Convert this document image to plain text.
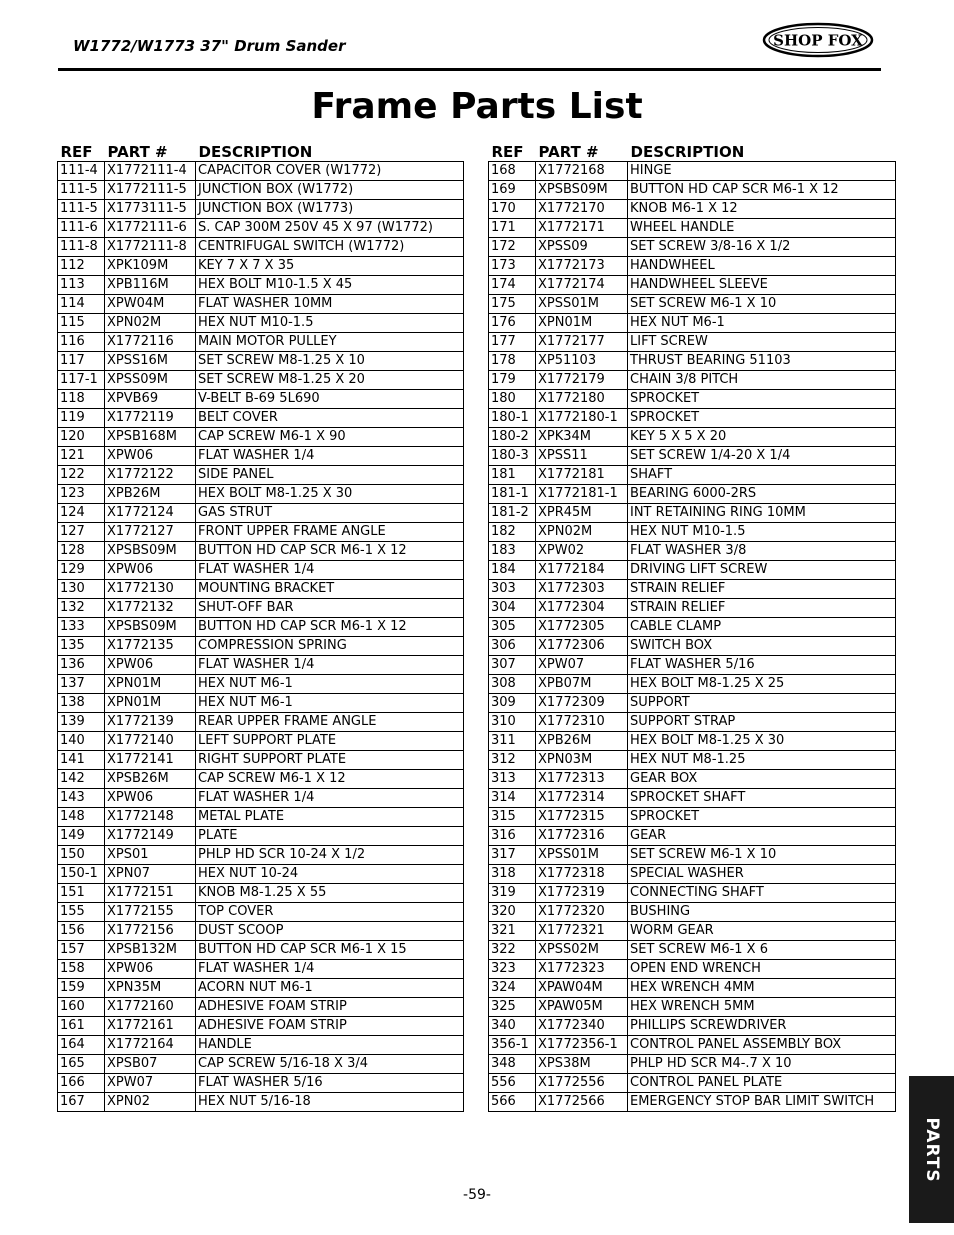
W1772/W1773 37" Drum Sander	SHOP FOX
Frame Parts List
REF	PART #	DESCRIPTION
111-4	X1772111-4	CAPACITOR COVER (W1772)
111-5	X1772111-5	JUNCTION BOX (W1772)
111-5	X1773111-5	JUNCTION BOX (W1773)
111-6	X1772111-6	S. CAP 300M 250V 45 X 97 (W1772)
111-8	X1772111-8	CENTRIFUGAL SWITCH (W1772)
112	XPK109M	KEY 7 X 7 X 35
113	XPB116M	HEX BOLT M10-1.5 X 45
114	XPW04M	FLAT WASHER 10MM
115	XPN02M	HEX NUT M10-1.5
116	X1772116	MAIN MOTOR PULLEY
117	XPSS16M	SET SCREW M8-1.25 X 10
117-1	XPSS09M	SET SCREW M8-1.25 X 20
118	XPVB69	V-BELT B-69 5L690
119	X1772119	BELT COVER
120	XPSB168M	CAP SCREW M6-1 X 90
121	XPW06	FLAT WASHER 1/4
122	X1772122	SIDE PANEL
123	XPB26M	HEX BOLT M8-1.25 X 30
124	X1772124	GAS STRUT
127	X1772127	FRONT UPPER FRAME ANGLE
128	XPSBS09M	BUTTON HD CAP SCR M6-1 X 12
129	XPW06	FLAT WASHER 1/4
130	X1772130	MOUNTING BRACKET
132	X1772132	SHUT-OFF BAR
133	XPSBS09M	BUTTON HD CAP SCR M6-1 X 12
135	X1772135	COMPRESSION SPRING
136	XPW06	FLAT WASHER 1/4
137	XPN01M	HEX NUT M6-1
138	XPN01M	HEX NUT M6-1
139	X1772139	REAR UPPER FRAME ANGLE
140	X1772140	LEFT SUPPORT PLATE
141	X1772141	RIGHT SUPPORT PLATE
142	XPSB26M	CAP SCREW M6-1 X 12
143	XPW06	FLAT WASHER 1/4
148	X1772148	METAL PLATE
149	X1772149	PLATE
150	XPS01	PHLP HD SCR 10-24 X 1/2
150-1	XPN07	HEX NUT 10-24
151	X1772151	KNOB M8-1.25 X 55
155	X1772155	TOP COVER
156	X1772156	DUST SCOOP
157	XPSB132M	BUTTON HD CAP SCR M6-1 X 15
158	XPW06	FLAT WASHER 1/4
159	XPN35M	ACORN NUT M6-1
160	X1772160	ADHESIVE FOAM STRIP
161	X1772161	ADHESIVE FOAM STRIP
164	X1772164	HANDLE
165	XPSB07	CAP SCREW 5/16-18 X 3/4
166	XPW07	FLAT WASHER 5/16
167	XPN02	HEX NUT 5/16-18
REF	PART #	DESCRIPTION
168	X1772168	HINGE
169	XPSBS09M	BUTTON HD CAP SCR M6-1 X 12
170	X1772170	KNOB M6-1 X 12
171	X1772171	WHEEL HANDLE
172	XPSS09	SET SCREW 3/8-16 X 1/2
173	X1772173	HANDWHEEL
174	X1772174	HANDWHEEL SLEEVE
175	XPSS01M	SET SCREW M6-1 X 10
176	XPN01M	HEX NUT M6-1
177	X1772177	LIFT SCREW
178	XP51103	THRUST BEARING 51103
179	X1772179	CHAIN 3/8 PITCH
180	X1772180	SPROCKET
180-1	X1772180-1	SPROCKET
180-2	XPK34M	KEY 5 X 5 X 20
180-3	XPSS11	SET SCREW 1/4-20 X 1/4
181	X1772181	SHAFT
181-1	X1772181-1	BEARING 6000-2RS
181-2	XPR45M	INT RETAINING RING 10MM
182	XPN02M	HEX NUT M10-1.5
183	XPW02	FLAT WASHER 3/8
184	X1772184	DRIVING LIFT SCREW
303	X1772303	STRAIN RELIEF
304	X1772304	STRAIN RELIEF
305	X1772305	CABLE CLAMP
306	X1772306	SWITCH BOX
307	XPW07	FLAT WASHER 5/16
308	XPB07M	HEX BOLT M8-1.25 X 25
309	X1772309	SUPPORT
310	X1772310	SUPPORT STRAP
311	XPB26M	HEX BOLT M8-1.25 X 30
312	XPN03M	HEX NUT M8-1.25
313	X1772313	GEAR BOX
314	X1772314	SPROCKET SHAFT
315	X1772315	SPROCKET
316	X1772316	GEAR
317	XPSS01M	SET SCREW M6-1 X 10
318	X1772318	SPECIAL WASHER
319	X1772319	CONNECTING SHAFT
320	X1772320	BUSHING
321	X1772321	WORM GEAR
322	XPSS02M	SET SCREW M6-1 X 6
323	X1772323	OPEN END WRENCH
324	XPAW04M	HEX WRENCH 4MM
325	XPAW05M	HEX WRENCH 5MM
340	X1772340	PHILLIPS SCREWDRIVER
356-1	X1772356-1	CONTROL PANEL ASSEMBLY BOX
348	XPS38M	PHLP HD SCR M4-.7 X 10
556	X1772556	CONTROL PANEL PLATE
566	X1772566	EMERGENCY STOP BAR LIMIT SWITCH
PARTS
-59-
